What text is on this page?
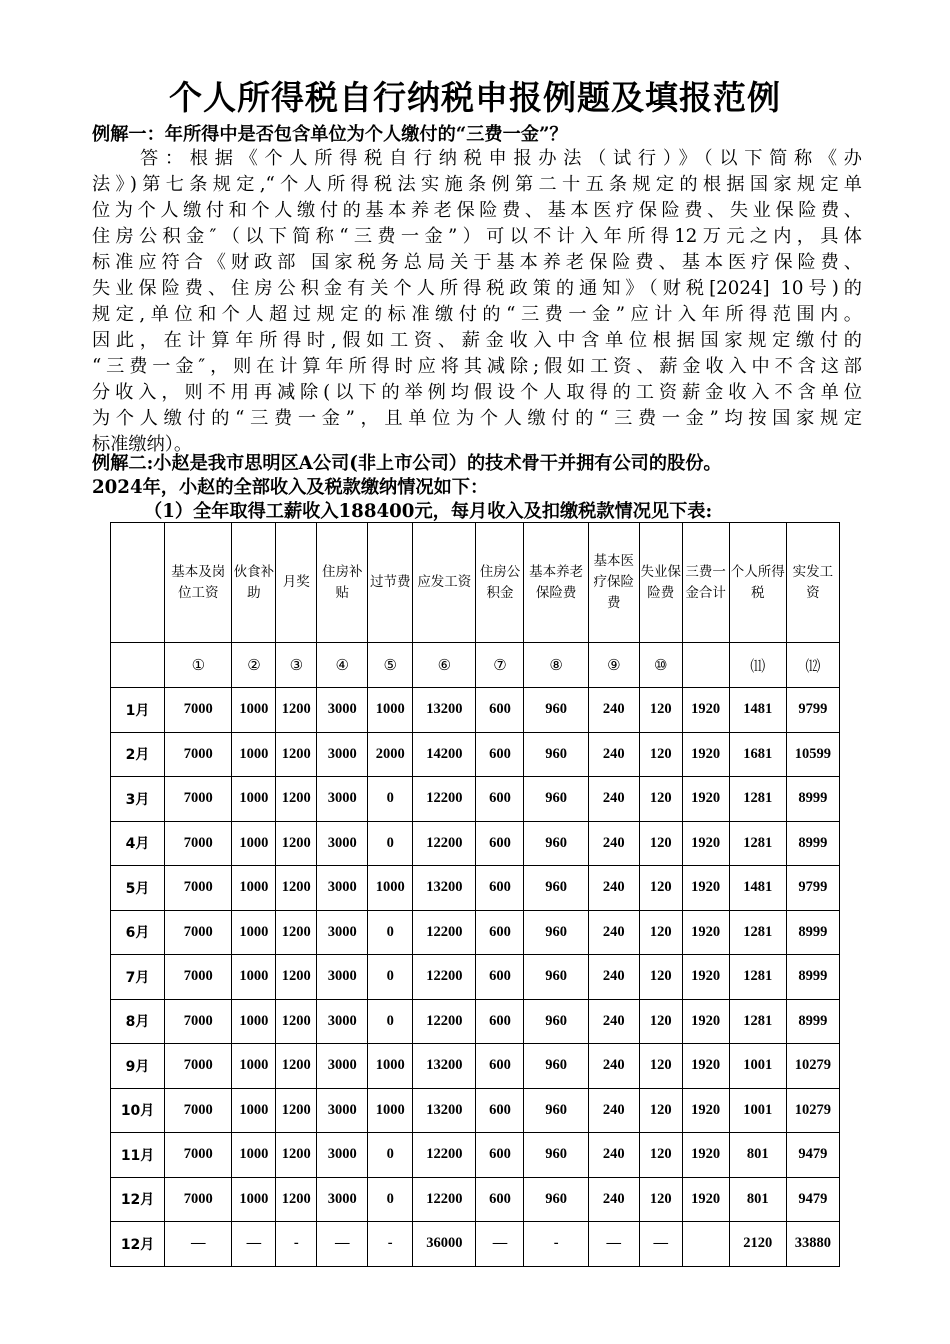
个人所得税自行纳税申报例题及填报范例

例解一：年所得中是否包含单位为个人缴付的“三费一金”？

答：根据《个人所得税自行纳税申报办法（试行）》（以下简称《办

法》)第七条规定,“个人所得税法实施条例第二十五条规定的根据国家规定单

位为个人缴付和个人缴付的基本养老保险费、基本医疗保险费、失业保险费、

住房公积金″（以下简称“三费一金”）可以不计入年所得12万元之内，具体

标准应符合《财政部 国家税务总局关于基本养老保险费、基本医疗保险费、

失业保险费、住房公积金有关个人所得税政策的通知》（财税[2024] 10号)的

规定,单位和个人超过规定的标准缴付的“三费一金”应计入年所得范围内。

因此，在计算年所得时,假如工资、薪金收入中含单位根据国家规定缴付的

“三费一金″，则在计算年所得时应将其减除;假如工资、薪金收入中不含这部

分收入，则不用再减除(以下的举例均假设个人取得的工资薪金收入不含单位

为个人缴付的“三费一金”，且单位为个人缴付的“三费一金”均按国家规定

标准缴纳）。

例解二:小赵是我市思明区A公司(非上市公司）的技术骨干并拥有公司的股份。

2024年，小赵的全部收入及税款缴纳情况如下：

（1）全年取得工薪收入188400元，每月收入及扣缴税款情况见下表:

	基本及岗位工资	伙食补助	月奖	住房补贴	过节费	应发工资	住房公积金	基本养老保险费	基本医疗保险费	失业保险费	三费一金合计	个人所得税	实发工资
	①	②	③	④	⑤	⑥	⑦	⑧	⑨	⑩		⑾	⑿
1月	7000	1000	1200	3000	1000	13200	600	960	240	120	1920	1481	9799
2月	7000	1000	1200	3000	2000	14200	600	960	240	120	1920	1681	10599
3月	7000	1000	1200	3000	0	12200	600	960	240	120	1920	1281	8999
4月	7000	1000	1200	3000	0	12200	600	960	240	120	1920	1281	8999
5月	7000	1000	1200	3000	1000	13200	600	960	240	120	1920	1481	9799
6月	7000	1000	1200	3000	0	12200	600	960	240	120	1920	1281	8999
7月	7000	1000	1200	3000	0	12200	600	960	240	120	1920	1281	8999
8月	7000	1000	1200	3000	0	12200	600	960	240	120	1920	1281	8999
9月	7000	1000	1200	3000	1000	13200	600	960	240	120	1920	1001	10279
10月	7000	1000	1200	3000	1000	13200	600	960	240	120	1920	1001	10279
11月	7000	1000	1200	3000	0	12200	600	960	240	120	1920	801	9479
12月	7000	1000	1200	3000	0	12200	600	960	240	120	1920	801	9479
12月	—	—	-	—	-	36000	—	-	—	—		2120	33880
